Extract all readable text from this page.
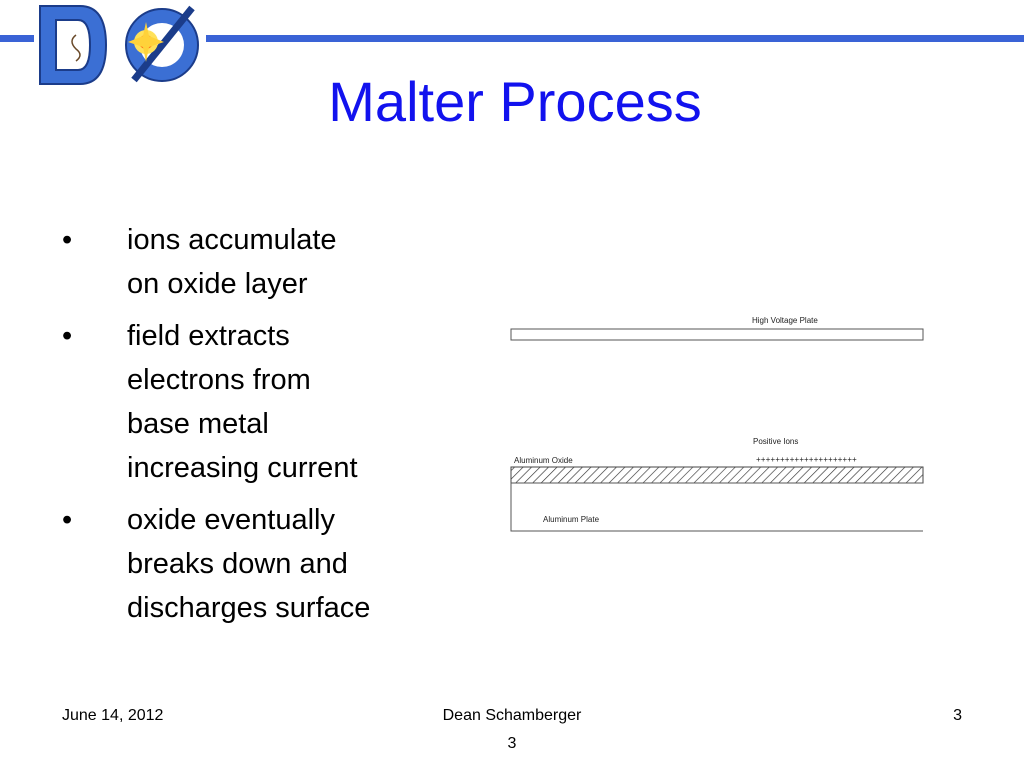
Malter Process
• ions accumulate
on oxide layer
• field extracts
electrons from
base metal
increasing current
• oxide eventually
breaks down and
discharges surface
High Voltage Plate
Positive Ions
+++++++++++++++++++++
Aluminum Oxide
Aluminum Plate
June 14, 2012	Dean Schamberger
3
3
